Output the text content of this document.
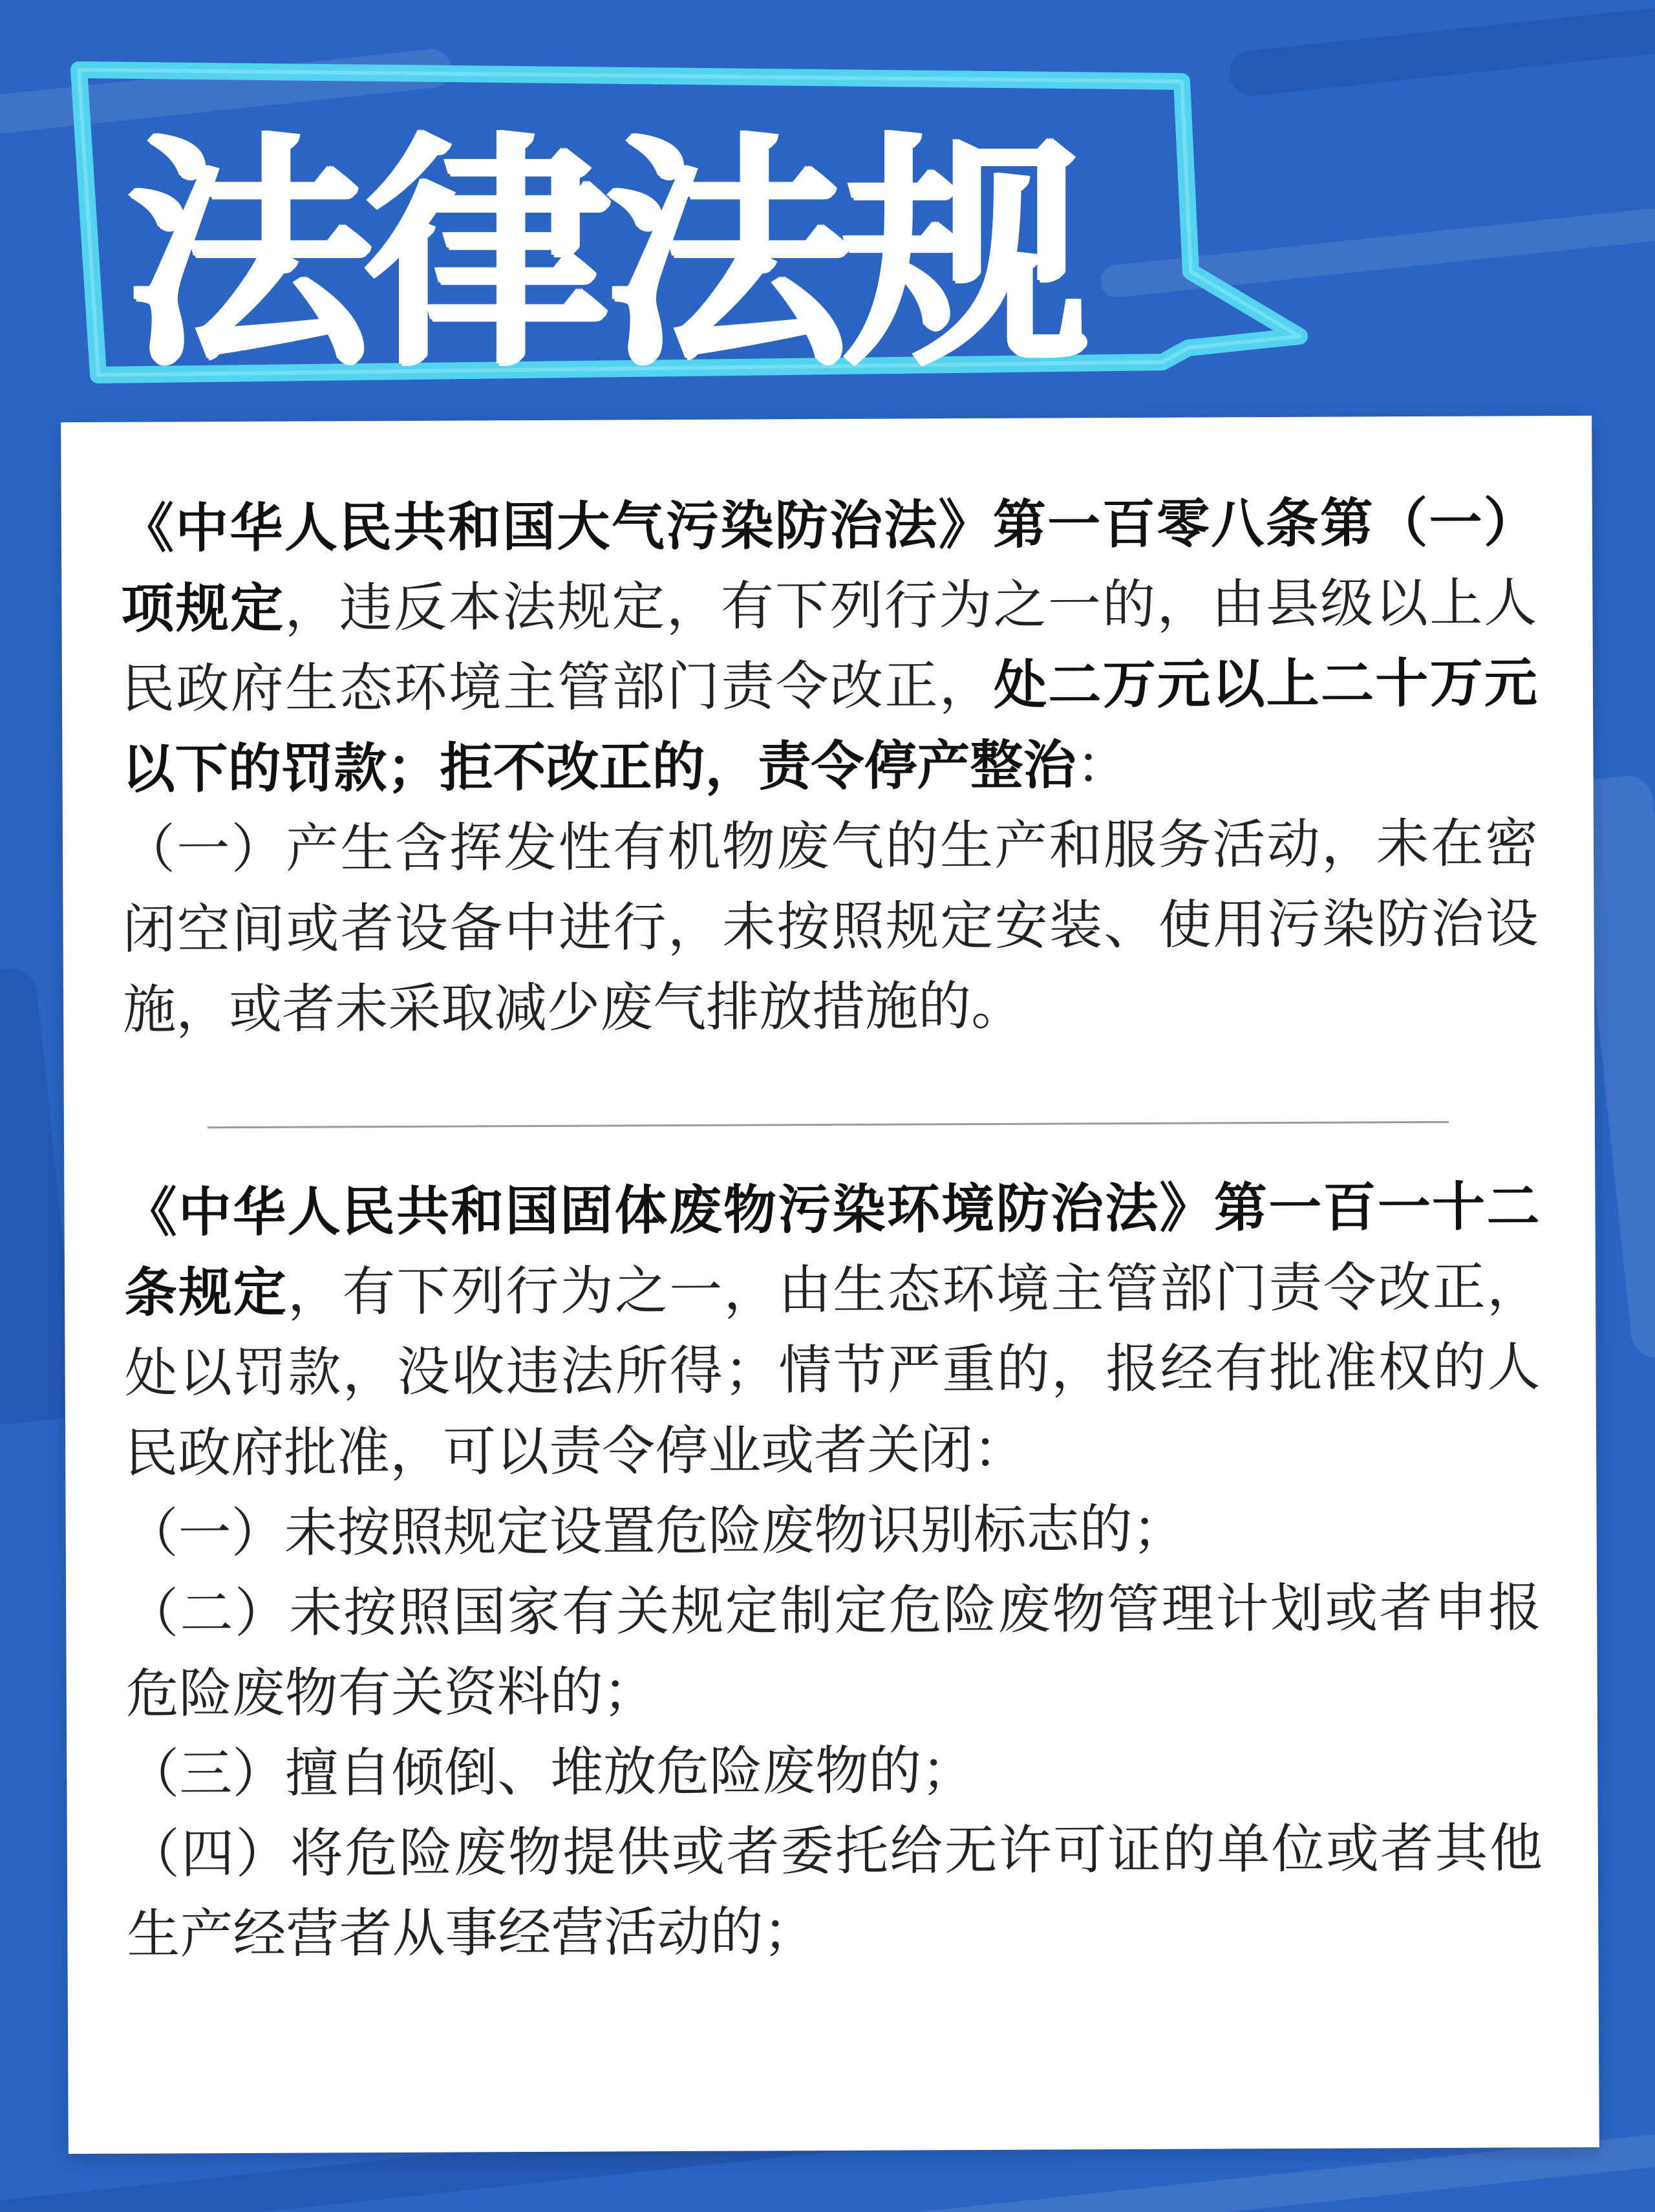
法律法规

《中华人民共和国大气污染防治法》第一百零八条第（一）项规定，违反本法规定，有下列行为之一的，由县级以上人民政府生态环境主管部门责令改正，处二万元以上二十万元以下的罚款；拒不改正的，责令停产整治：

（一）产生含挥发性有机物废气的生产和服务活动，未在密闭空间或者设备中进行，未按照规定安装、使用污染防治设施，或者未采取减少废气排放措施的。

《中华人民共和国固体废物污染环境防治法》第一百一十二条规定，有下列行为之一，由生态环境主管部门责令改正，处以罚款，没收违法所得；情节严重的，报经有批准权的人民政府批准，可以责令停业或者关闭：

（一）未按照规定设置危险废物识别标志的；

（二）未按照国家有关规定制定危险废物管理计划或者申报危险废物有关资料的；

（三）擅自倾倒、堆放危险废物的；

（四）将危险废物提供或者委托给无许可证的单位或者其他生产经营者从事经营活动的；
